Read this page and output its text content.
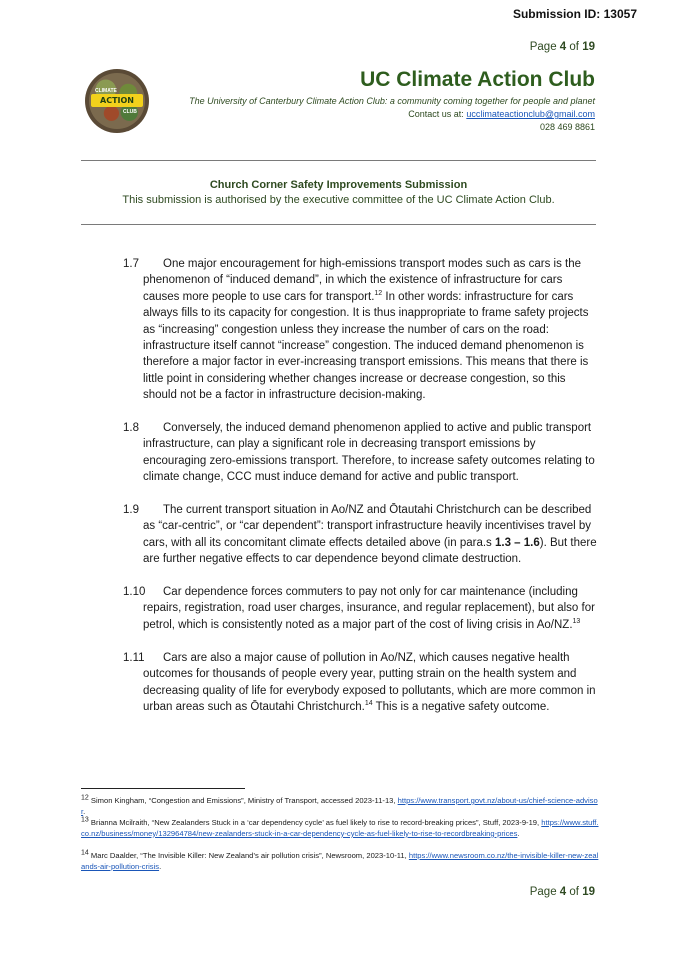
Submission ID: 13057
Page 4 of 19
CLIMATE
ACTION
CLUB
UC Climate Action Club
The University of Canterbury Climate Action Club: a community coming together for people and planet
Contact us at: ucclimateactionclub@gmail.com
028 469 8861
Church Corner Safety Improvements Submission
This submission is authorised by the executive committee of the UC Climate Action Club.
1.7	One major encouragement for high-emissions transport modes such as cars is the phenomenon of “induced demand”, in which the existence of infrastructure for cars causes more people to use cars for transport.$^{12}$ In other words: infrastructure for cars always fills to its capacity for congestion. It is thus inappropriate to frame safety projects as “increasing” congestion unless they increase the number of cars on the road: infrastructure itself cannot “increase” congestion. The induced demand phenomenon is therefore a major factor in ever-increasing transport emissions. This means that there is little point in considering whether changes increase or decrease congestion, so this should not be a factor in infrastructure decision-making.

1.8	Conversely, the induced demand phenomenon applied to active and public transport infrastructure, can play a significant role in decreasing transport emissions by encouraging zero-emissions transport. Therefore, to increase safety outcomes relating to climate change, CCC must induce demand for active and public transport.

1.9	The current transport situation in Ao/NZ and Ōtautahi Christchurch can be described as “car-centric”, or “car dependent”: transport infrastructure heavily incentivises travel by cars, with all its concomitant climate effects detailed above (in para.s 1.3 – 1.6). But there are further negative effects to car dependence beyond climate destruction.

1.10	Car dependence forces commuters to pay not only for car maintenance (including repairs, registration, road user charges, insurance, and regular replacement), but also for petrol, which is consistently noted as a major part of the cost of living crisis in Ao/NZ.$^{13}$

1.11	Cars are also a major cause of pollution in Ao/NZ, which causes negative health outcomes for thousands of people every year, putting strain on the health system and decreasing quality of life for everybody exposed to pollutants, which are more common in urban areas such as Ōtautahi Christchurch.$^{14}$ This is a negative safety outcome.

$^{12}$ Simon Kingham, “Congestion and Emissions”, Ministry of Transport, accessed 2023-11-13, https://www.transport.govt.nz/about-us/chief-science-advisor.
$^{13}$ Brianna Mcilraith, “New Zealanders Stuck in a ‘car dependency cycle’ as fuel likely to rise to record-breaking prices”, Stuff, 2023-9-19, https://www.stuff.co.nz/business/money/132964784/new-zealanders-stuck-in-a-car-dependency-cycle-as-fuel-likely-to-rise-to-recordbreaking-prices.
$^{14}$ Marc Daalder, “The Invisible Killer: New Zealand’s air pollution crisis”, Newsroom, 2023-10-11, https://www.newsroom.co.nz/the-invisible-killer-new-zealands-air-pollution-crisis.
Page 4 of 19
